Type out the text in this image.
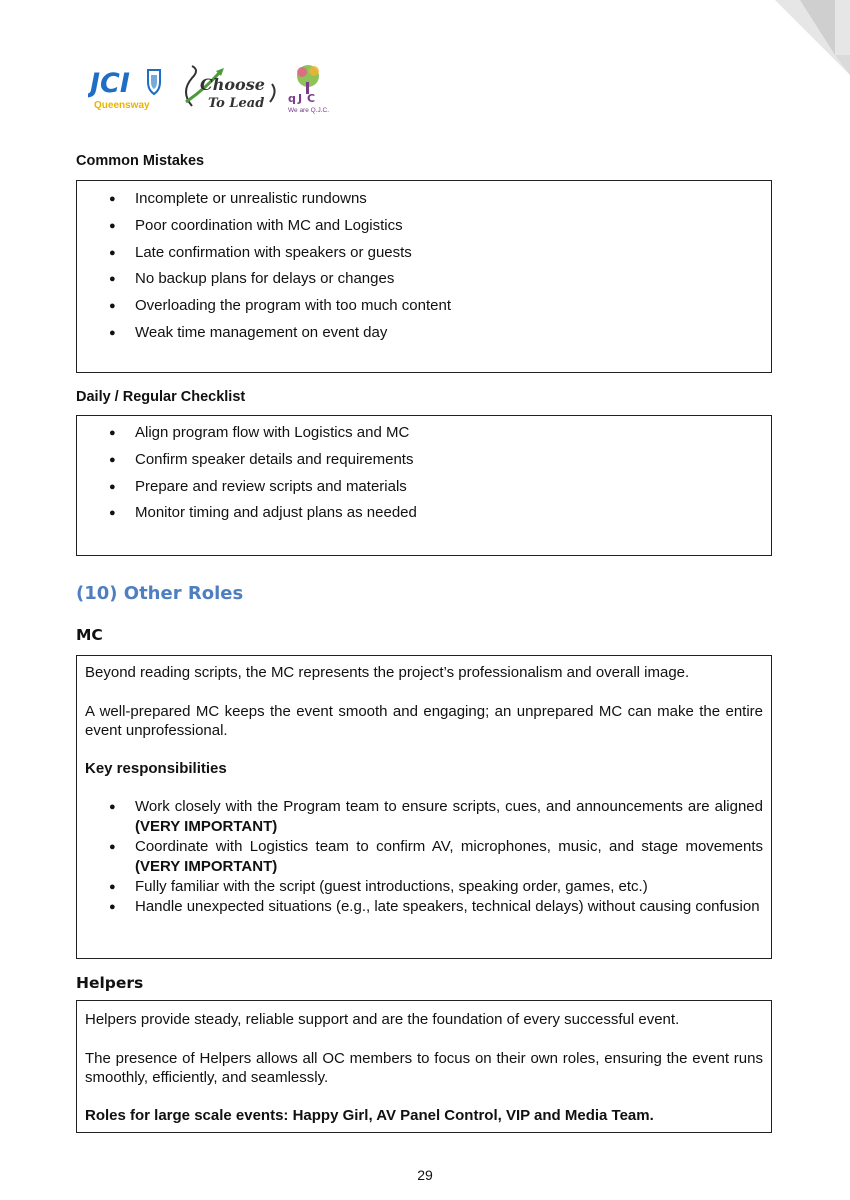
JCI
Queensway
Choose
To Lead q J C
We are Q.J.C.
Common Mistakes
● Incomplete or unrealistic rundowns
● Poor coordination with MC and Logistics
● Late confirmation with speakers or guests
● No backup plans for delays or changes
● Overloading the program with too much content
● Weak time management on event day
Daily / Regular Checklist
● Align program flow with Logistics and MC
● Confirm speaker details and requirements
● Prepare and review scripts and materials
● Monitor timing and adjust plans as needed
(10) Other Roles
MC

Beyond reading scripts, the MC represents the project’s professionalism and overall image.

A well-prepared MC keeps the event smooth and engaging; an unprepared MC can make the entire event unprofessional.

Key responsibilities

● Work closely with the Program team to ensure scripts, cues, and announcements are aligned (VERY IMPORTANT)
● Coordinate with Logistics team to confirm AV, microphones, music, and stage movements (VERY IMPORTANT)
● Fully familiar with the script (guest introductions, speaking order, games, etc.)
● Handle unexpected situations (e.g., late speakers, technical delays) without causing confusion
Helpers

Helpers provide steady, reliable support and are the foundation of every successful event.

The presence of Helpers allows all OC members to focus on their own roles, ensuring the event runs smoothly, efficiently, and seamlessly.

Roles for large scale events: Happy Girl, AV Panel Control, VIP and Media Team.

29
